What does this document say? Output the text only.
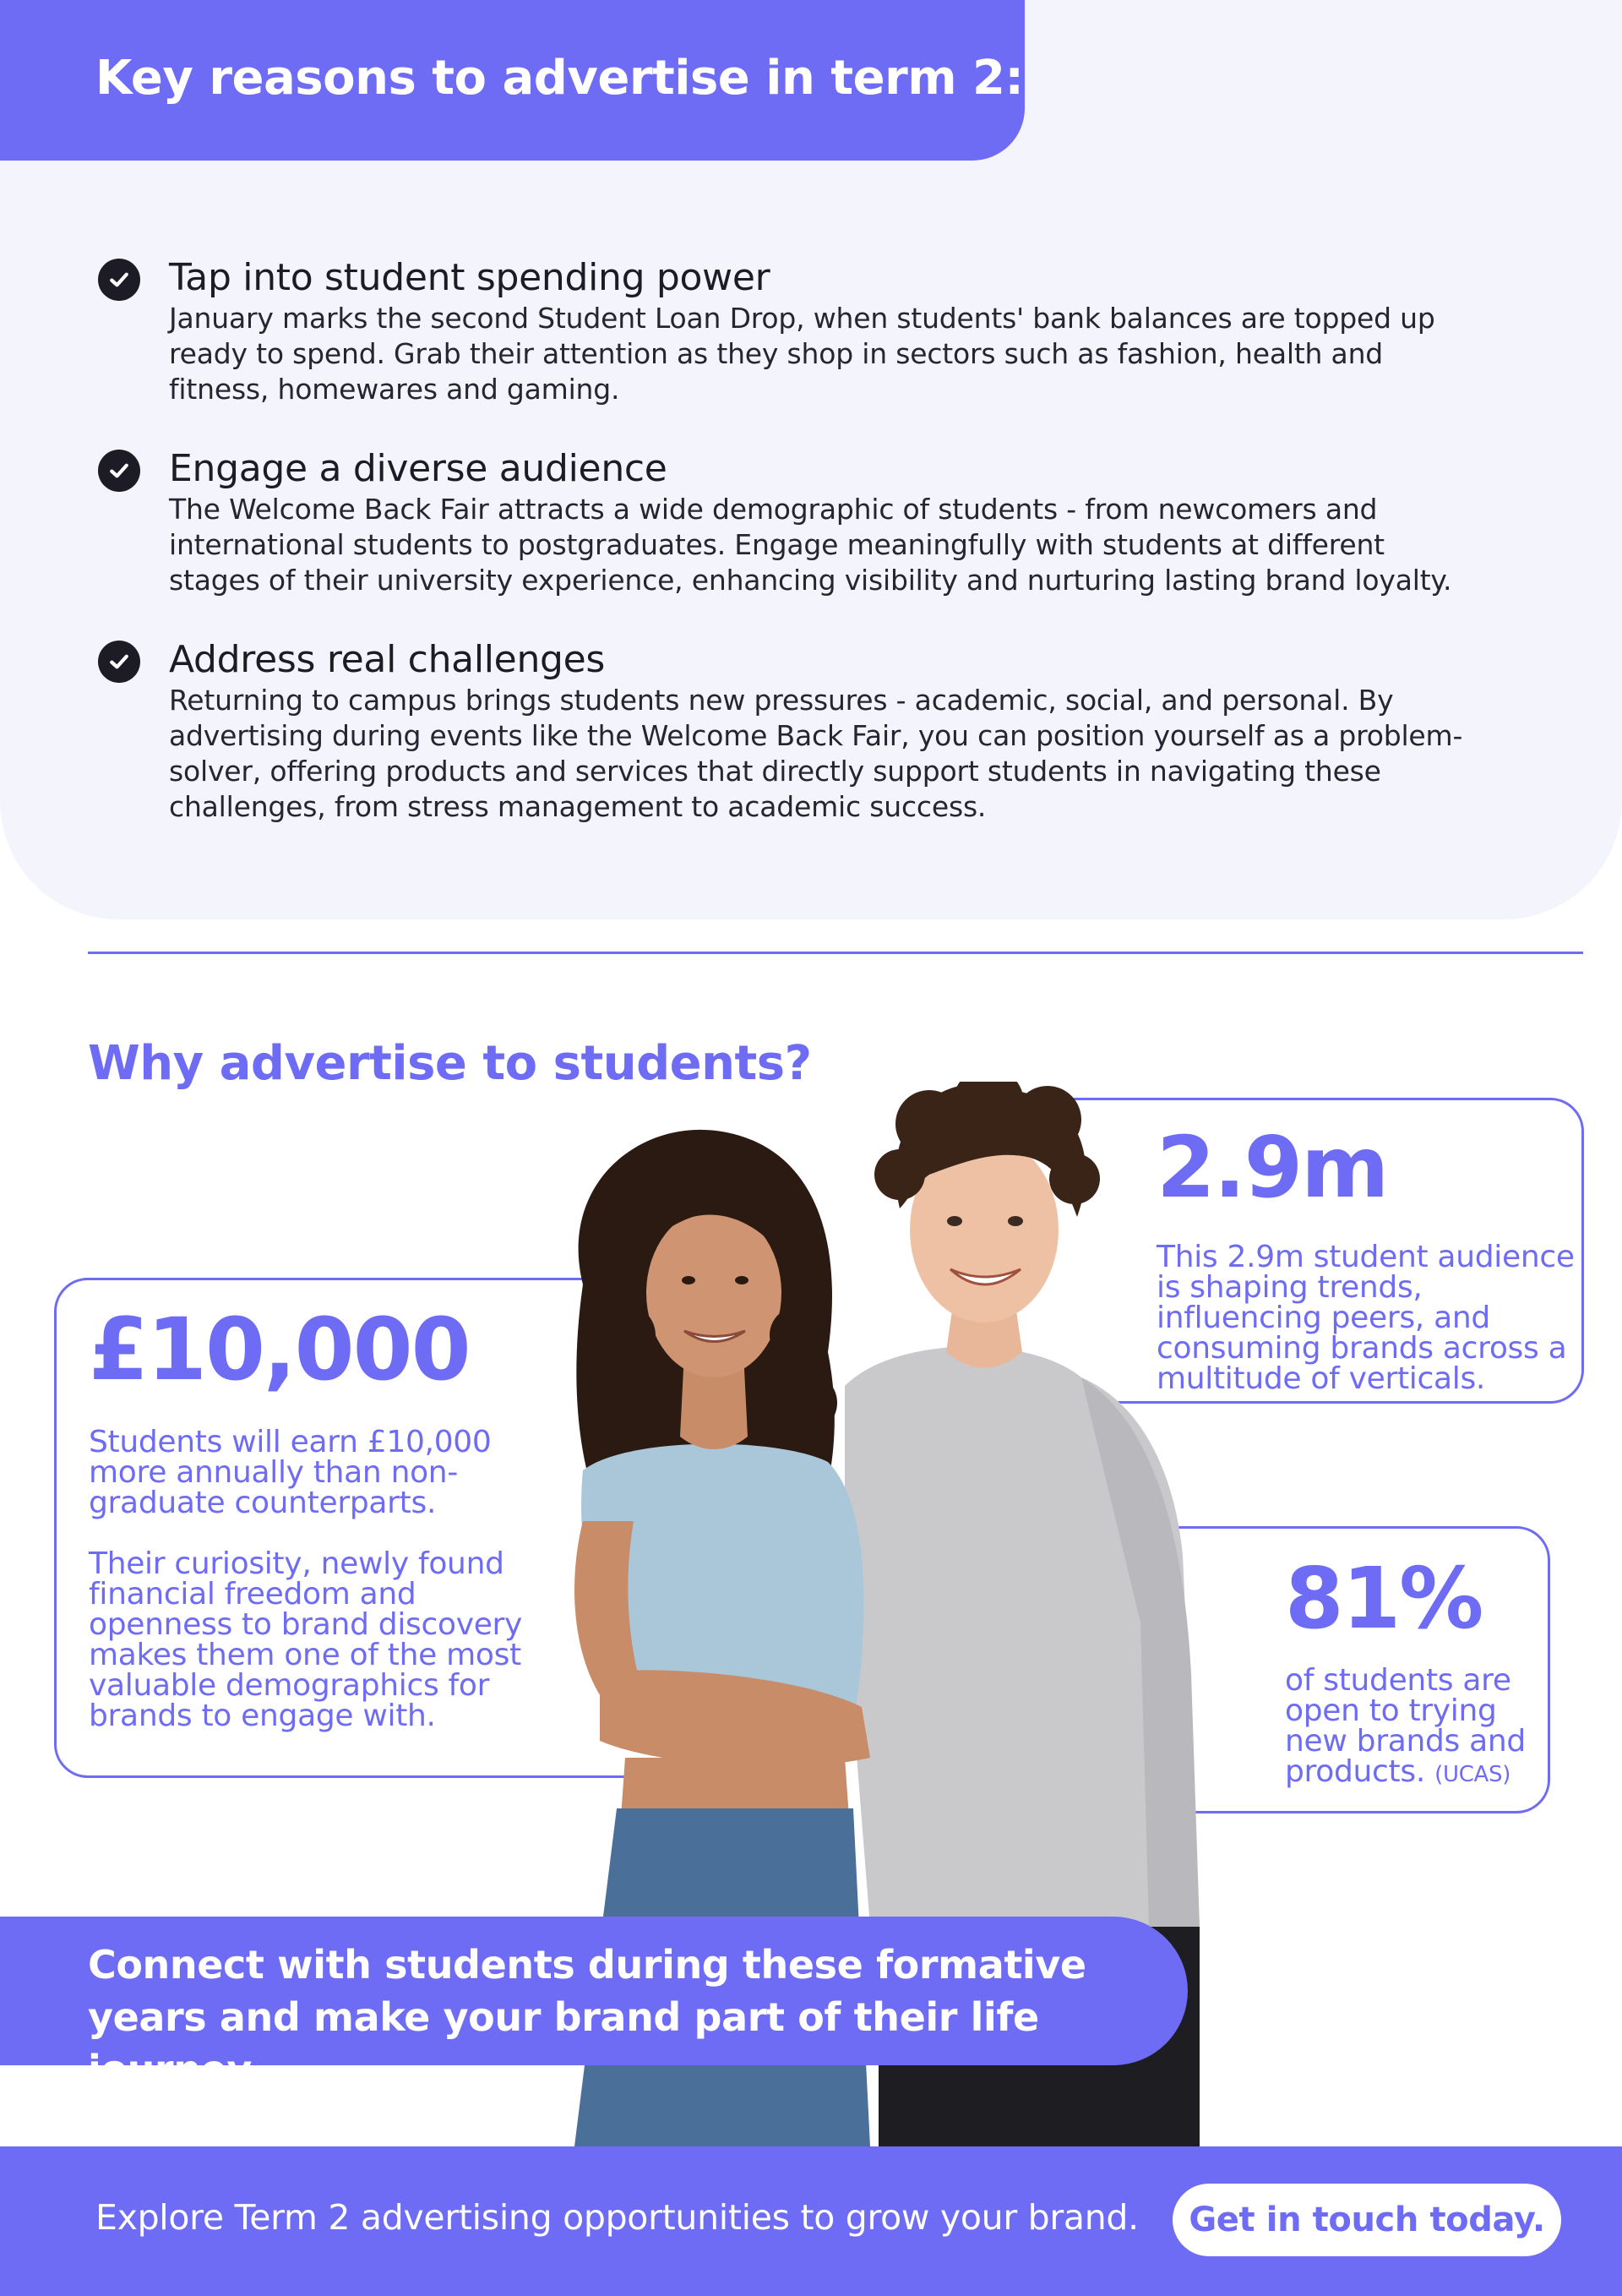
Key reasons to advertise in term 2:
Tap into student spending power

January marks the second Student Loan Drop, when students' bank balances are topped up ready to spend. Grab their attention as they shop in sectors such as fashion, health and fitness, homewares and gaming.

Engage a diverse audience

The Welcome Back Fair attracts a wide demographic of students - from newcomers and international students to postgraduates. Engage meaningfully with students at different stages of their university experience, enhancing visibility and nurturing lasting brand loyalty.

Address real challenges

Returning to campus brings students new pressures - academic, social, and personal. By advertising during events like the Welcome Back Fair, you can position yourself as a problem-solver, offering products and services that directly support students in navigating these challenges, from stress management to academic success.

Why advertise to students?
£10,000
Students will earn £10,000 more annually than non-graduate counterparts.
Their curiosity, newly found financial freedom and openness to brand discovery makes them one of the most valuable demographics for brands to engage with.
2.9m
This 2.9m student audience is shaping trends, influencing peers, and consuming brands across a multitude of verticals.
81%
of students are open to trying new brands and products. (UCAS)

Connect with students during these formative years and make your brand part of their life journey.

Explore Term 2 advertising opportunities to grow your brand.	Get in touch today.
